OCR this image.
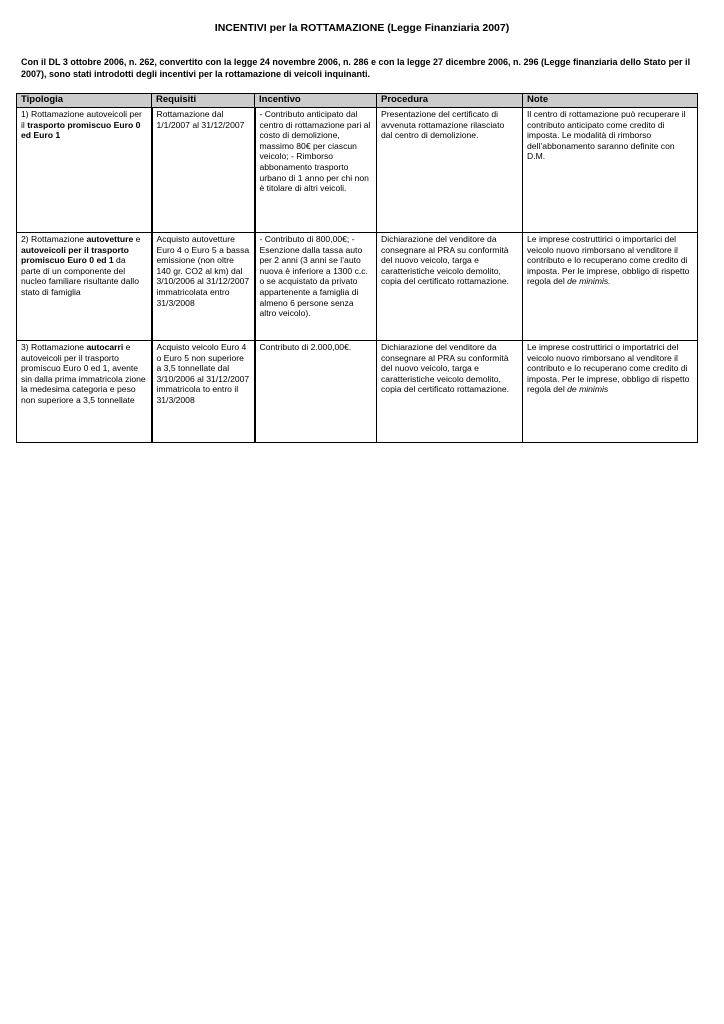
INCENTIVI per la ROTTAMAZIONE (Legge Finanziaria 2007)

Con il DL 3 ottobre 2006, n. 262, convertito con la legge 24 novembre 2006, n. 286 e con la legge 27 dicembre 2006, n. 296 (Legge finanziaria dello Stato per il 2007), sono stati introdotti degli incentivi per la rottamazione di veicoli inquinanti.

Tipologia	Requisiti	Incentivo	Procedura	Note
1) Rottamazione autoveicoli per il trasporto promiscuo Euro 0 ed Euro 1	Rottamazione dal 1/1/2007 al 31/12/2007	- Contributo anticipato dal centro di rottamazione pari al costo di demolizione, massimo 80€ per ciascun veicolo; - Rimborso abbonamento trasporto urbano di 1 anno per chi non è titolare di altri veicoli.	Presentazione del certificato di avvenuta rottamazione rilasciato dal centro di demolizione.	Il centro di rottamazione può recuperare il contributo anticipato come credito di imposta. Le modalità di rimborso dell’abbonamento saranno definite con D.M.
2) Rottamazione autovetture e autoveicoli per il trasporto promiscuo Euro 0 ed 1 da parte di un componente del nucleo familiare risultante dallo stato di famiglia	Acquisto autovetture Euro 4 o Euro 5 a bassa emissione (non oltre 140 gr. CO2 al km) dal 3/10/2006 al 31/12/2007 immatricolata entro 31/3/2008	- Contributo di 800,00€; - Esenzione dalla tassa auto per 2 anni (3 anni se l’auto nuova è inferiore a 1300 c.c. o se acquistato da privato appartenente a famiglia di almeno 6 persone senza altro veicolo).	Dichiarazione del venditore da consegnare al PRA su conformità del nuovo veicolo, targa e caratteristiche veicolo demolito, copia del certificato rottamazione.	Le imprese costruttirici o importarici del veicolo nuovo rimborsano al venditore il contributo e lo recuperano come credito di imposta. Per le imprese, obbligo di rispetto regola del de minimis.
3) Rottamazione autocarri e autoveicoli per il trasporto promiscuo Euro 0 ed 1, avente sin dalla prima immatricola zione la medesima categoria e peso non superiore a 3,5 tonnellate	Acquisto veicolo Euro 4 o Euro 5 non superiore a 3,5 tonnellate dal 3/10/2006 al 31/12/2007 immatricola to entro il 31/3/2008	Contributo di 2.000,00€.	Dichiarazione del venditore da consegnare al PRA su conformità del nuovo veicolo, targa e caratteristiche veicolo demolito, copia del certificato rottamazione.	Le imprese costruttirici o importatrici del veicolo nuovo rimborsano al venditore il contributo e lo recuperano come credito di imposta. Per le imprese, obbligo di rispetto regola del de minimis
